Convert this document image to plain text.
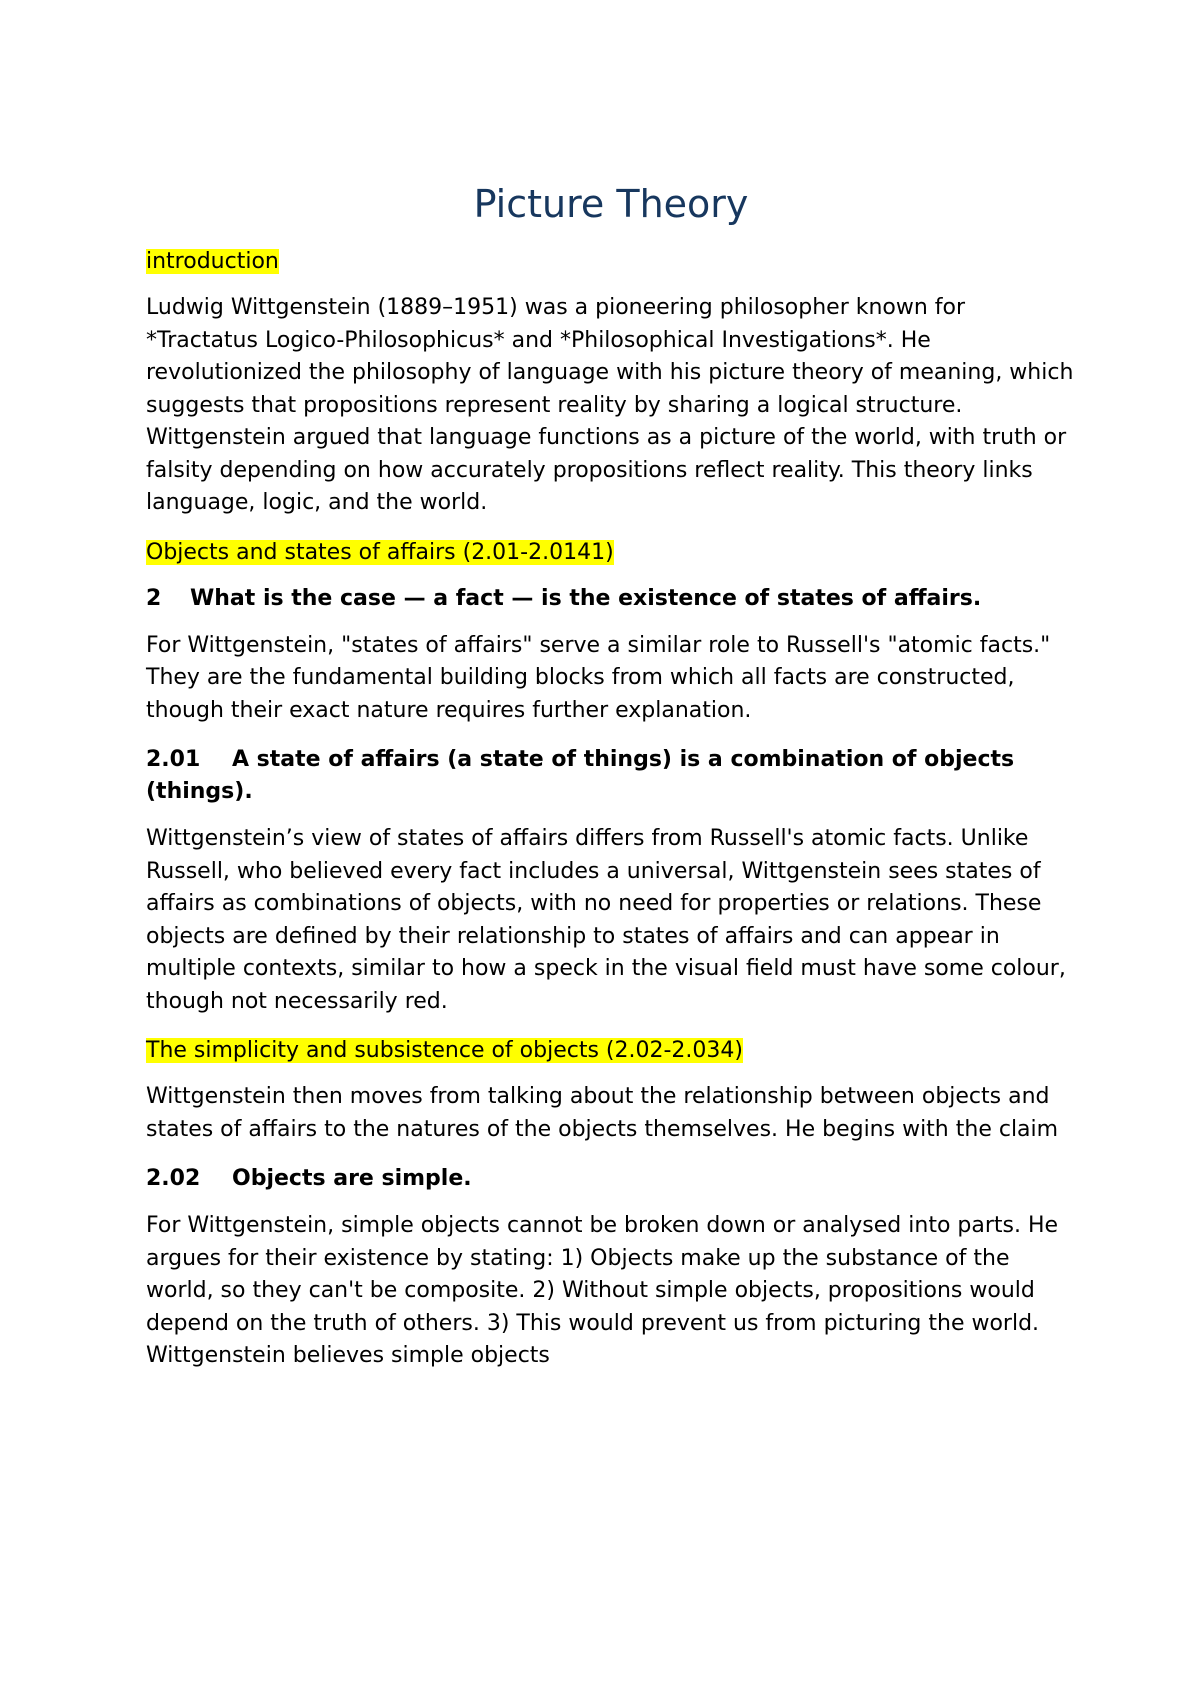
Picture Theory
introduction

Ludwig Wittgenstein (1889–1951) was a pioneering philosopher known for *Tractatus Logico-Philosophicus* and *Philosophical Investigations*. He revolutionized the philosophy of language with his picture theory of meaning, which suggests that propositions represent reality by sharing a logical structure. Wittgenstein argued that language functions as a picture of the world, with truth or falsity depending on how accurately propositions reflect reality. This theory links language, logic, and the world.

Objects and states of affairs (2.01-2.0141)
2 What is the case — a fact — is the existence of states of affairs.

For Wittgenstein, "states of affairs" serve a similar role to Russell's "atomic facts." They are the fundamental building blocks from which all facts are constructed, though their exact nature requires further explanation.

2.01 A state of affairs (a state of things) is a combination of objects (things).

Wittgenstein’s view of states of affairs differs from Russell's atomic facts. Unlike Russell, who believed every fact includes a universal, Wittgenstein sees states of affairs as combinations of objects, with no need for properties or relations. These objects are defined by their relationship to states of affairs and can appear in multiple contexts, similar to how a speck in the visual field must have some colour, though not necessarily red.

The simplicity and subsistence of objects (2.02-2.034)

Wittgenstein then moves from talking about the relationship between objects and states of affairs to the natures of the objects themselves. He begins with the claim

2.02 Objects are simple.

For Wittgenstein, simple objects cannot be broken down or analysed into parts. He argues for their existence by stating: 1) Objects make up the substance of the world, so they can't be composite. 2) Without simple objects, propositions would depend on the truth of others. 3) This would prevent us from picturing the world. Wittgenstein believes simple objects
